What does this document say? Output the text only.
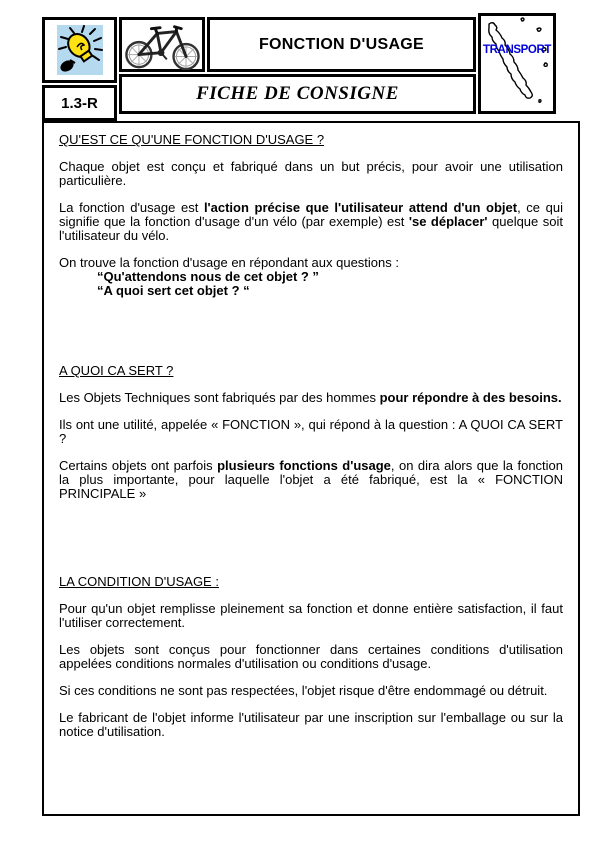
1.3-R
FONCTION D'USAGE
FICHE DE CONSIGNE
TRANSPORT
QU'EST CE QU'UNE FONCTION D'USAGE ?

Chaque objet est conçu et fabriqué dans un but précis, pour avoir une utilisation particulière.

La fonction d'usage est l'action précise que l'utilisateur attend d'un objet, ce qui signifie que la fonction d'usage d'un vélo (par exemple) est 'se déplacer' quelque soit l'utilisateur du vélo.

On trouve la fonction d'usage en répondant aux questions :

“Qu'attendons nous de cet objet ? ”
“A quoi sert cet objet ? “
A QUOI CA SERT ?

Les Objets Techniques sont fabriqués par des hommes pour répondre à des besoins.

Ils ont une utilité, appelée « FONCTION », qui répond à la question : A QUOI CA SERT ?

Certains objets ont parfois plusieurs fonctions d'usage, on dira alors que la fonction la plus importante, pour laquelle l'objet a été fabriqué, est la « FONCTION PRINCIPALE »

LA CONDITION D'USAGE :

Pour qu'un objet remplisse pleinement sa fonction et donne entière satisfaction, il faut l'utiliser correctement.

Les objets sont conçus pour fonctionner dans certaines conditions d'utilisation appelées conditions normales d'utilisation ou conditions d'usage.

Si ces conditions ne sont pas respectées, l'objet risque d'être endommagé ou détruit.

Le fabricant de l'objet informe l'utilisateur par une inscription sur l'emballage ou sur la notice d'utilisation.
